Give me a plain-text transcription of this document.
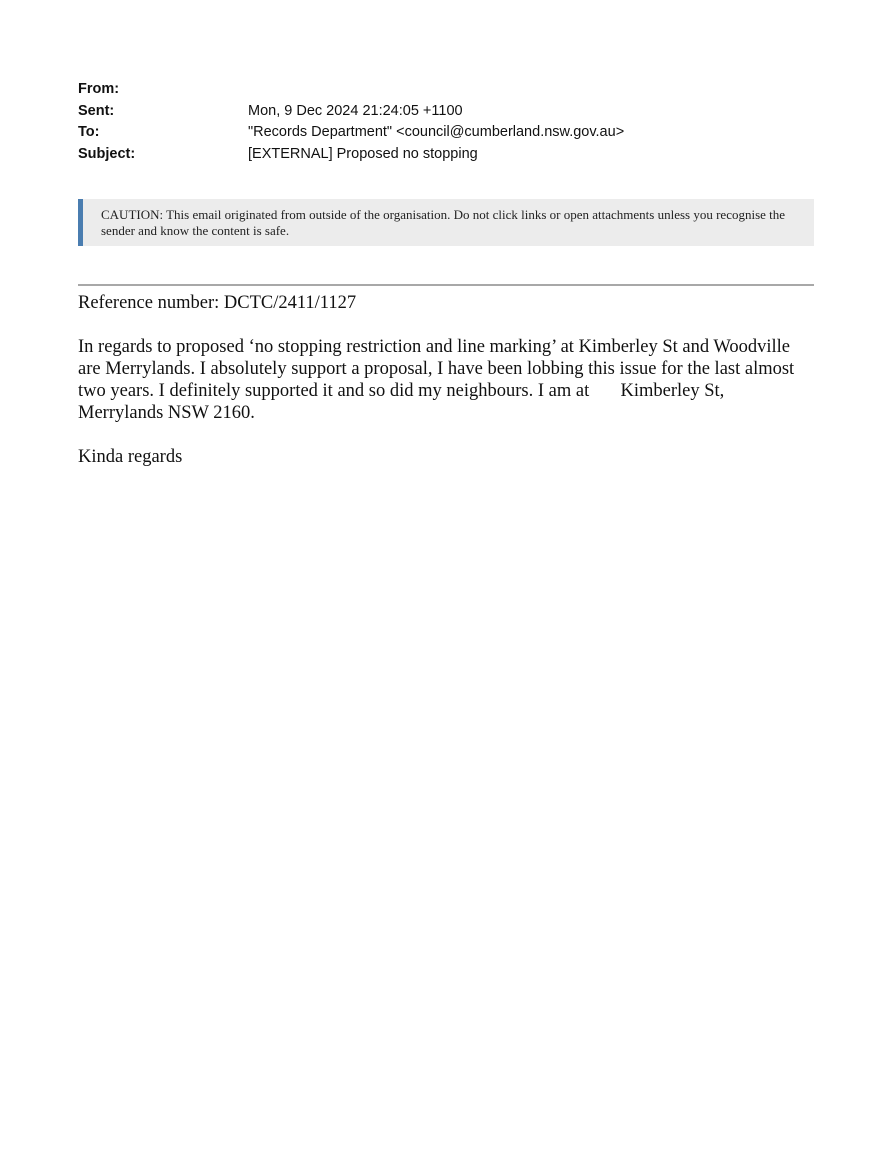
From:
Sent:	Mon, 9 Dec 2024 21:24:05 +1100
To:	"Records Department" <council@cumberland.nsw.gov.au>
Subject:	[EXTERNAL] Proposed no stopping
CAUTION: This email originated from outside of the organisation. Do not click links or open attachments unless you recognise the sender and know the content is safe.
Reference number: DCTC/2411/1127
In regards to proposed ‘no stopping restriction and line marking’ at Kimberley St and Woodville are Merrylands. I absolutely support a proposal, I have been lobbing this issue for the last almost two years. I definitely supported it and so did my neighbours. I am at Kimberley St, Merrylands NSW 2160.
Kinda regards
